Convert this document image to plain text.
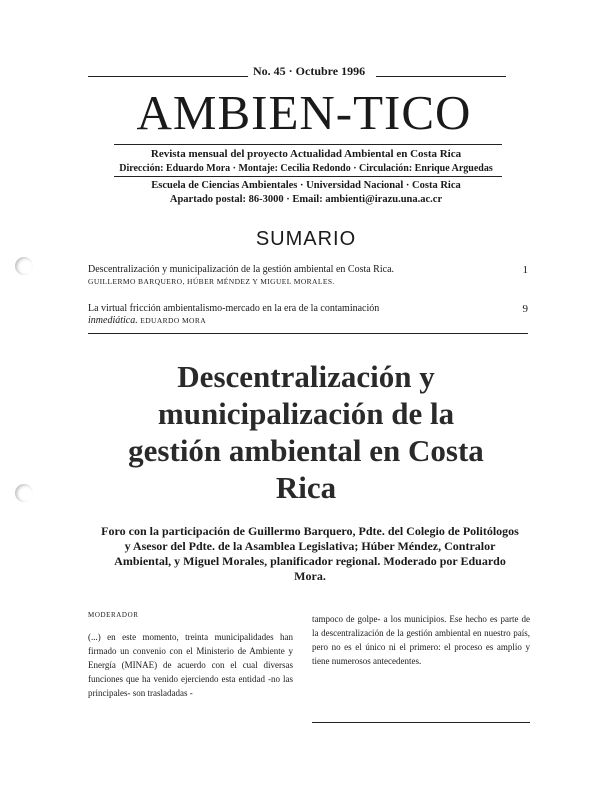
No. 45 · Octubre 1996
AMBIEN-TICO
Revista mensual del proyecto Actualidad Ambiental en Costa Rica
Dirección: Eduardo Mora · Montaje: Cecilia Redondo · Circulación: Enrique Arguedas
Escuela de Ciencias Ambientales · Universidad Nacional · Costa Rica
Apartado postal: 86-3000 · Email: ambienti@irazu.una.ac.cr
SUMARIO
Descentralización y municipalización de la gestión ambiental en Costa Rica.
GUILLERMO BARQUERO, HÚBER MÉNDEZ Y MIGUEL MORALES.
1
La virtual fricción ambientalismo-mercado en la era de la contaminación
inmediática. EDUARDO MORA
9
Descentralización y
municipalización de la
gestión ambiental en Costa
Rica
Foro con la participación de Guillermo Barquero, Pdte. del Colegio de Politólogos y Asesor del Pdte. de la Asamblea Legislativa; Húber Méndez, Contralor Ambiental, y Miguel Morales, planificador regional. Moderado por Eduardo Mora.
MODERADOR
(...) en este momento, treinta municipalidades han firmado un convenio con el Ministerio de Ambiente y Energía (MINAE) de acuerdo con el cual diversas funciones que ha venido ejerciendo esta entidad -no las principales- son trasladadas -
tampoco de golpe- a los municipios. Ese hecho es parte de la descentralización de la gestión ambiental en nuestro país, pero no es el único ni el primero: el proceso es amplio y tiene numerosos antecedentes.
